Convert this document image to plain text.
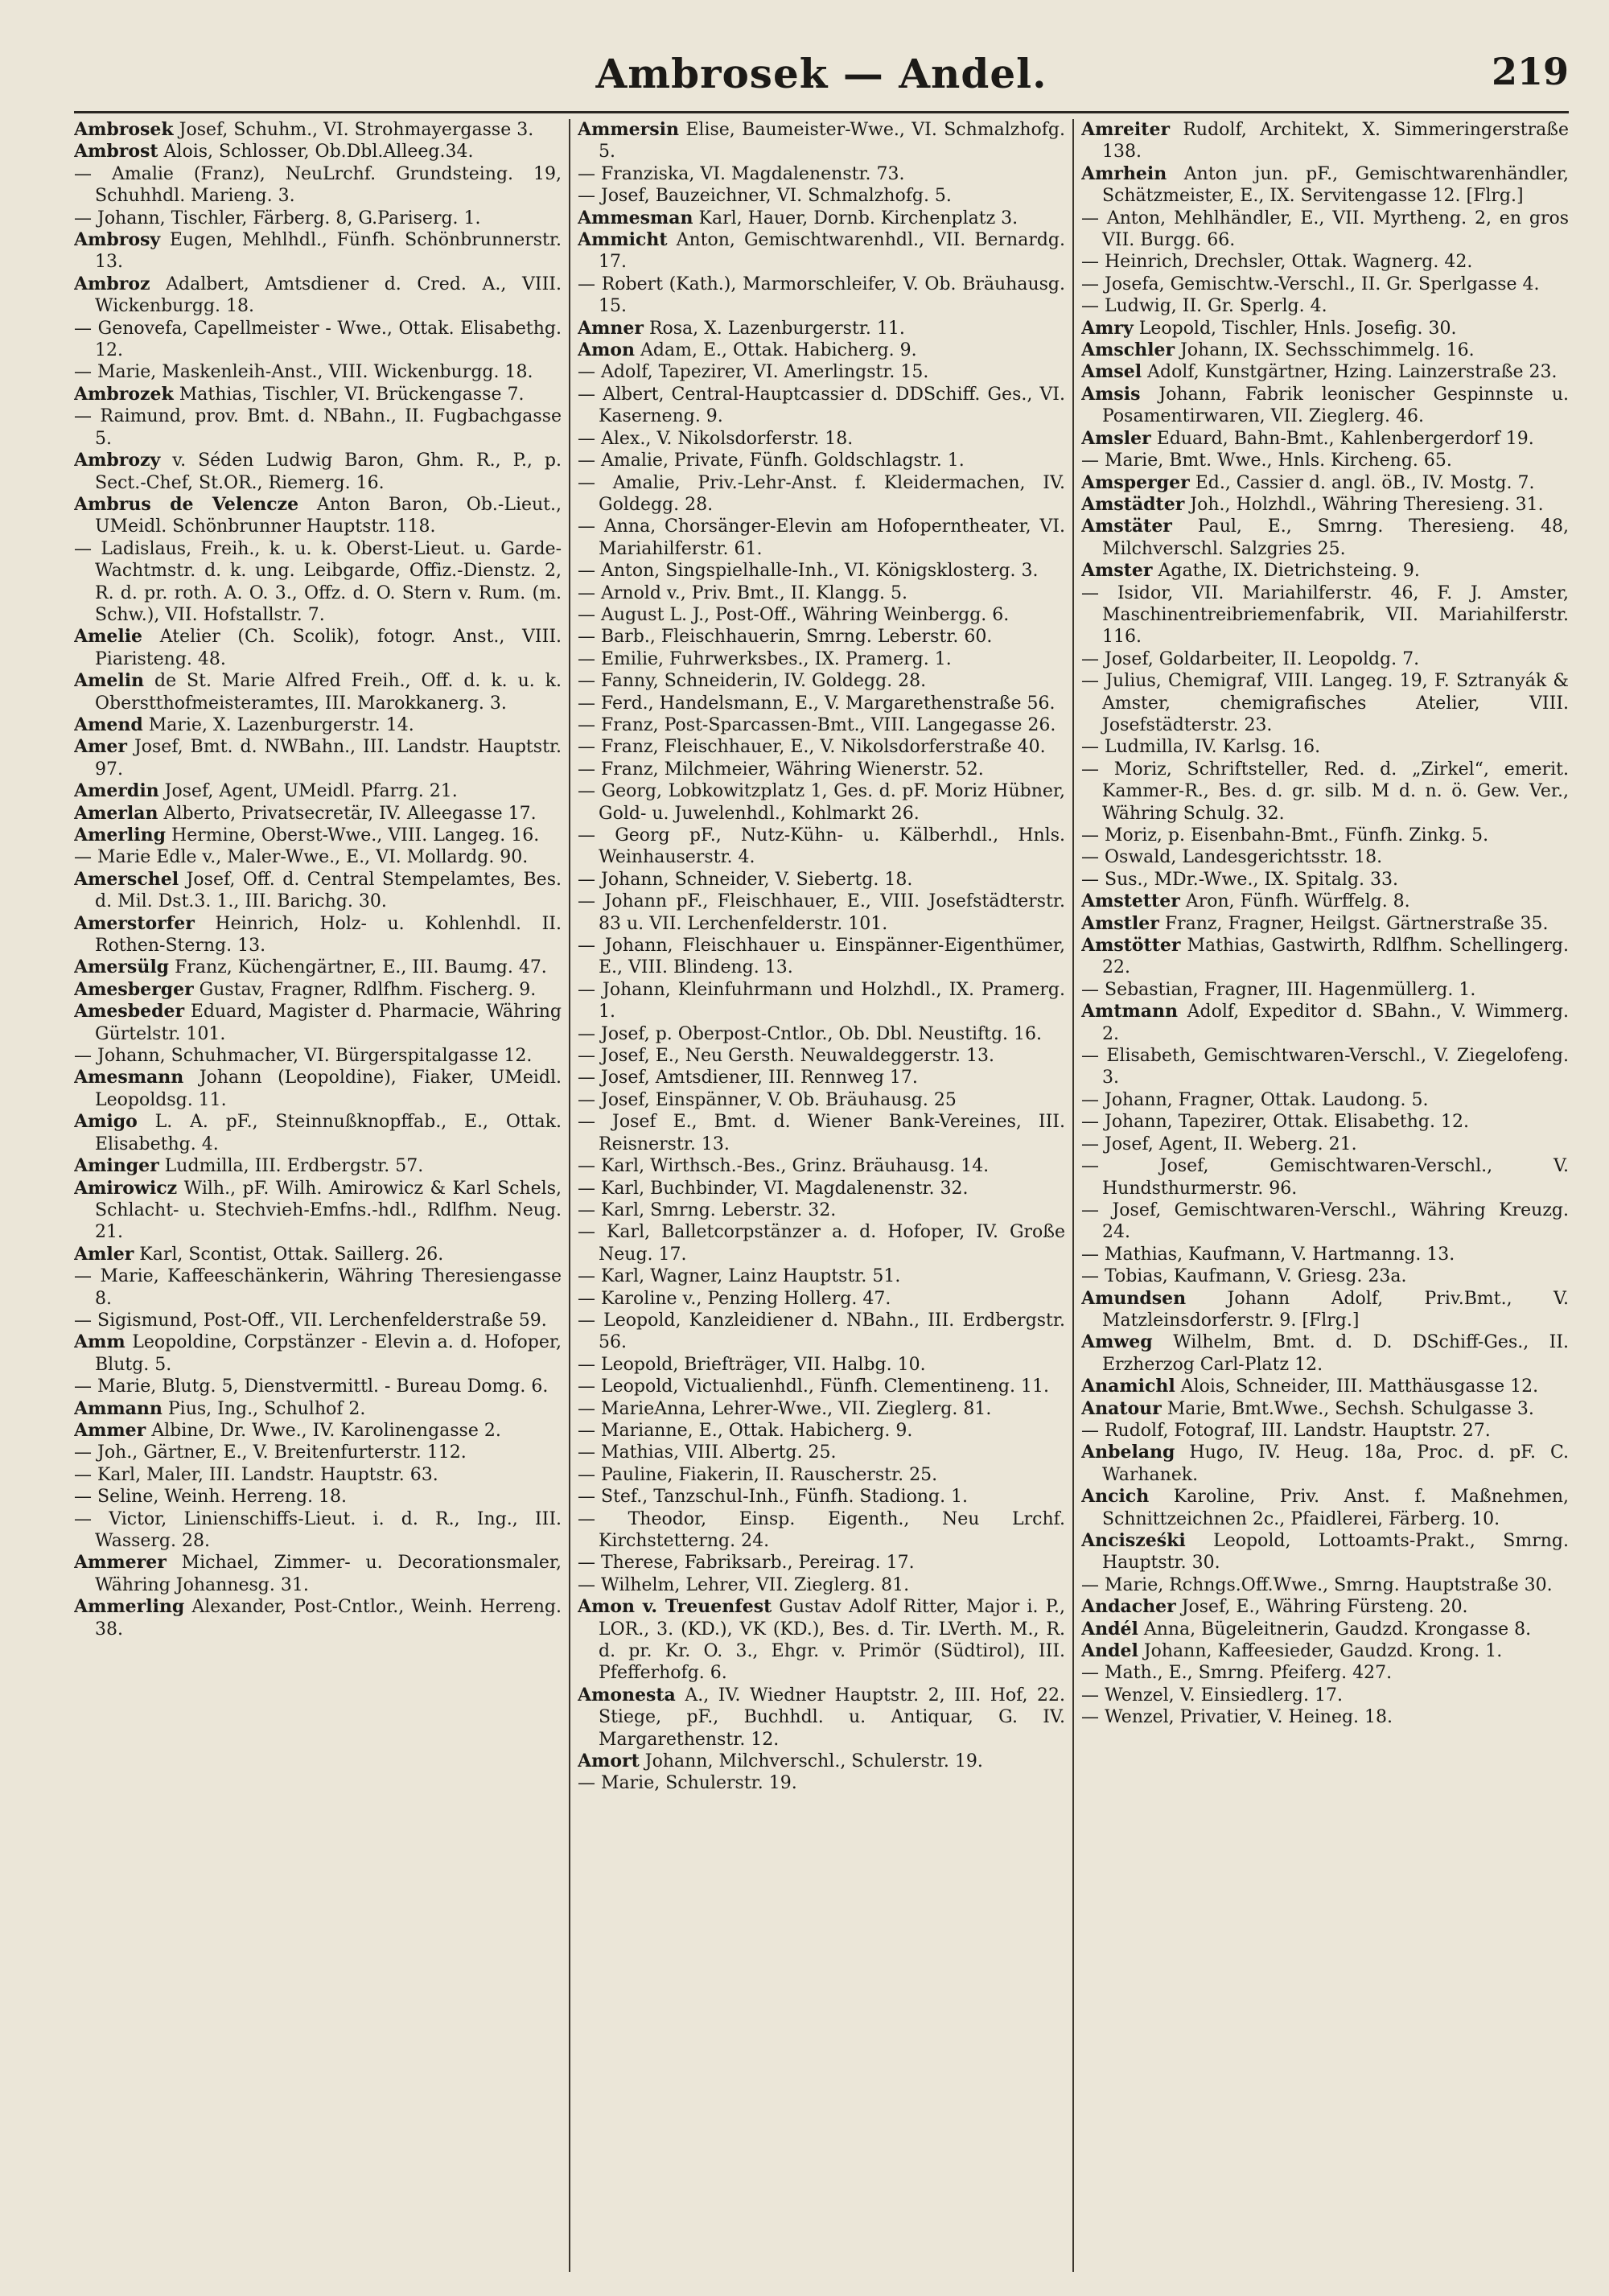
Ambrosek — Andel.	219

Ambrosek Josef, Schuhm., VI. Strohmayergasse 3.

Ambrost Alois, Schlosser, Ob.Dbl.Alleeg.34.

— Amalie (Franz), NeuLrchf. Grundsteing. 19, Schuhhdl. Marieng. 3.

— Johann, Tischler, Färberg. 8, G.Pariserg. 1.

Ambrosy Eugen, Mehlhdl., Fünfh. Schönbrunnerstr. 13.

Ambroz Adalbert, Amtsdiener d. Cred. A., VIII. Wickenburgg. 18.

— Genovefa, Capellmeister - Wwe., Ottak. Elisabethg. 12.

— Marie, Maskenleih-Anst., VIII. Wickenburgg. 18.

Ambrozek Mathias, Tischler, VI. Brückengasse 7.

— Raimund, prov. Bmt. d. NBahn., II. Fugbachgasse 5.

Ambrozy v. Séden Ludwig Baron, Ghm. R., P., p. Sect.-Chef, St.OR., Riemerg. 16.

Ambrus de Velencze Anton Baron, Ob.-Lieut., UMeidl. Schönbrunner Hauptstr. 118.

— Ladislaus, Freih., k. u. k. Oberst-Lieut. u. Garde-Wachtmstr. d. k. ung. Leibgarde, Offiz.-Dienstz. 2, R. d. pr. roth. A. O. 3., Offz. d. O. Stern v. Rum. (m. Schw.), VII. Hofstallstr. 7.

Amelie Atelier (Ch. Scolik), fotogr. Anst., VIII. Piaristeng. 48.

Amelin de St. Marie Alfred Freih., Off. d. k. u. k. Oberstthofmeisteramtes, III. Marokkanerg. 3.

Amend Marie, X. Lazenburgerstr. 14.

Amer Josef, Bmt. d. NWBahn., III. Landstr. Hauptstr. 97.

Amerdin Josef, Agent, UMeidl. Pfarrg. 21.

Amerlan Alberto, Privatsecretär, IV. Alleegasse 17.

Amerling Hermine, Oberst-Wwe., VIII. Langeg. 16.

— Marie Edle v., Maler-Wwe., E., VI. Mollardg. 90.

Amerschel Josef, Off. d. Central Stempelamtes, Bes. d. Mil. Dst.3. 1., III. Barichg. 30.

Amerstorfer Heinrich, Holz- u. Kohlenhdl. II. Rothen-Sterng. 13.

Amersülg Franz, Küchengärtner, E., III. Baumg. 47.

Amesberger Gustav, Fragner, Rdlfhm. Fischerg. 9.

Amesbeder Eduard, Magister d. Pharmacie, Währing Gürtelstr. 101.

— Johann, Schuhmacher, VI. Bürgerspitalgasse 12.

Amesmann Johann (Leopoldine), Fiaker, UMeidl. Leopoldsg. 11.

Amigo L. A. pF., Steinnußknopffab., E., Ottak. Elisabethg. 4.

Aminger Ludmilla, III. Erdbergstr. 57.

Amirowicz Wilh., pF. Wilh. Amirowicz & Karl Schels, Schlacht- u. Stechvieh-Emfns.-hdl., Rdlfhm. Neug. 21.

Amler Karl, Scontist, Ottak. Saillerg. 26.

— Marie, Kaffeeschänkerin, Währing Theresiengasse 8.

— Sigismund, Post-Off., VII. Lerchenfelderstraße 59.

Amm Leopoldine, Corpstänzer - Elevin a. d. Hofoper, Blutg. 5.

— Marie, Blutg. 5, Dienstvermittl. - Bureau Domg. 6.

Ammann Pius, Ing., Schulhof 2.

Ammer Albine, Dr. Wwe., IV. Karolinengasse 2.

— Joh., Gärtner, E., V. Breitenfurterstr. 112.

— Karl, Maler, III. Landstr. Hauptstr. 63.

— Seline, Weinh. Herreng. 18.

— Victor, Linienschiffs-Lieut. i. d. R., Ing., III. Wasserg. 28.

Ammerer Michael, Zimmer- u. Decorationsmaler, Währing Johannesg. 31.

Ammerling Alexander, Post-Cntlor., Weinh. Herreng. 38.

Ammersin Elise, Baumeister-Wwe., VI. Schmalzhofg. 5.

— Franziska, VI. Magdalenenstr. 73.

— Josef, Bauzeichner, VI. Schmalzhofg. 5.

Ammesman Karl, Hauer, Dornb. Kirchenplatz 3.

Ammicht Anton, Gemischtwarenhdl., VII. Bernardg. 17.

— Robert (Kath.), Marmorschleifer, V. Ob. Bräuhausg. 15.

Amner Rosa, X. Lazenburgerstr. 11.

Amon Adam, E., Ottak. Habicherg. 9.

— Adolf, Tapezirer, VI. Amerlingstr. 15.

— Albert, Central-Hauptcassier d. DDSchiff. Ges., VI. Kaserneng. 9.

— Alex., V. Nikolsdorferstr. 18.

— Amalie, Private, Fünfh. Goldschlagstr. 1.

— Amalie, Priv.-Lehr-Anst. f. Kleidermachen, IV. Goldegg. 28.

— Anna, Chorsänger-Elevin am Hofoperntheater, VI. Mariahilferstr. 61.

— Anton, Singspielhalle-Inh., VI. Königsklosterg. 3.

— Arnold v., Priv. Bmt., II. Klangg. 5.

— August L. J., Post-Off., Währing Weinbergg. 6.

— Barb., Fleischhauerin, Smrng. Leberstr. 60.

— Emilie, Fuhrwerksbes., IX. Pramerg. 1.

— Fanny, Schneiderin, IV. Goldegg. 28.

— Ferd., Handelsmann, E., V. Margarethenstraße 56.

— Franz, Post-Sparcassen-Bmt., VIII. Langegasse 26.

— Franz, Fleischhauer, E., V. Nikolsdorferstraße 40.

— Franz, Milchmeier, Währing Wienerstr. 52.

— Georg, Lobkowitzplatz 1, Ges. d. pF. Moriz Hübner, Gold- u. Juwelenhdl., Kohlmarkt 26.

— Georg pF., Nutz-Kühn- u. Kälberhdl., Hnls. Weinhauserstr. 4.

— Johann, Schneider, V. Siebertg. 18.

— Johann pF., Fleischhauer, E., VIII. Josefstädterstr. 83 u. VII. Lerchenfelderstr. 101.

— Johann, Fleischhauer u. Einspänner-Eigenthümer, E., VIII. Blindeng. 13.

— Johann, Kleinfuhrmann und Holzhdl., IX. Pramerg. 1.

— Josef, p. Oberpost-Cntlor., Ob. Dbl. Neustiftg. 16.

— Josef, E., Neu Gersth. Neuwaldeggerstr. 13.

— Josef, Amtsdiener, III. Rennweg 17.

— Josef, Einspänner, V. Ob. Bräuhausg. 25

— Josef E., Bmt. d. Wiener Bank-Vereines, III. Reisnerstr. 13.

— Karl, Wirthsch.-Bes., Grinz. Bräuhausg. 14.

— Karl, Buchbinder, VI. Magdalenenstr. 32.

— Karl, Smrng. Leberstr. 32.

— Karl, Balletcorpstänzer a. d. Hofoper, IV. Große Neug. 17.

— Karl, Wagner, Lainz Hauptstr. 51.

— Karoline v., Penzing Hollerg. 47.

— Leopold, Kanzleidiener d. NBahn., III. Erdbergstr. 56.

— Leopold, Briefträger, VII. Halbg. 10.

— Leopold, Victualienhdl., Fünfh. Clementineng. 11.

— MarieAnna, Lehrer-Wwe., VII. Zieglerg. 81.

— Marianne, E., Ottak. Habicherg. 9.

— Mathias, VIII. Albertg. 25.

— Pauline, Fiakerin, II. Rauscherstr. 25.

— Stef., Tanzschul-Inh., Fünfh. Stadiong. 1.

— Theodor, Einsp. Eigenth., Neu Lrchf. Kirchstetterng. 24.

— Therese, Fabriksarb., Pereirag. 17.

— Wilhelm, Lehrer, VII. Zieglerg. 81.

Amon v. Treuenfest Gustav Adolf Ritter, Major i. P., LOR., 3. (KD.), VK (KD.), Bes. d. Tir. LVerth. M., R. d. pr. Kr. O. 3., Ehgr. v. Primör (Südtirol), III. Pfefferhofg. 6.

Amonesta A., IV. Wiedner Hauptstr. 2, III. Hof, 22. Stiege, pF., Buchhdl. u. Antiquar, G. IV. Margarethenstr. 12.

Amort Johann, Milchverschl., Schulerstr. 19.

— Marie, Schulerstr. 19.

Amreiter Rudolf, Architekt, X. Simmeringerstraße 138.

Amrhein Anton jun. pF., Gemischtwarenhändler, Schätzmeister, E., IX. Servitengasse 12. [Flrg.]

— Anton, Mehlhändler, E., VII. Myrtheng. 2, en gros VII. Burgg. 66.

— Heinrich, Drechsler, Ottak. Wagnerg. 42.

— Josefa, Gemischtw.-Verschl., II. Gr. Sperlgasse 4.

— Ludwig, II. Gr. Sperlg. 4.

Amry Leopold, Tischler, Hnls. Josefig. 30.

Amschler Johann, IX. Sechsschimmelg. 16.

Amsel Adolf, Kunstgärtner, Hzing. Lainzerstraße 23.

Amsis Johann, Fabrik leonischer Gespinnste u. Posamentirwaren, VII. Zieglerg. 46.

Amsler Eduard, Bahn-Bmt., Kahlenbergerdorf 19.

— Marie, Bmt. Wwe., Hnls. Kircheng. 65.

Amsperger Ed., Cassier d. angl. öB., IV. Mostg. 7.

Amstädter Joh., Holzhdl., Währing Theresieng. 31.

Amstäter Paul, E., Smrng. Theresieng. 48, Milchverschl. Salzgries 25.

Amster Agathe, IX. Dietrichsteing. 9.

— Isidor, VII. Mariahilferstr. 46, F. J. Amster, Maschinentreibriemenfabrik, VII. Mariahilferstr. 116.

— Josef, Goldarbeiter, II. Leopoldg. 7.

— Julius, Chemigraf, VIII. Langeg. 19, F. Sztranyák & Amster, chemigrafisches Atelier, VIII. Josefstädterstr. 23.

— Ludmilla, IV. Karlsg. 16.

— Moriz, Schriftsteller, Red. d. „Zirkel“, emerit. Kammer-R., Bes. d. gr. silb. M d. n. ö. Gew. Ver., Währing Schulg. 32.

— Moriz, p. Eisenbahn-Bmt., Fünfh. Zinkg. 5.

— Oswald, Landesgerichtsstr. 18.

— Sus., MDr.-Wwe., IX. Spitalg. 33.

Amstetter Aron, Fünfh. Würffelg. 8.

Amstler Franz, Fragner, Heilgst. Gärtnerstraße 35.

Amstötter Mathias, Gastwirth, Rdlfhm. Schellingerg. 22.

— Sebastian, Fragner, III. Hagenmüllerg. 1.

Amtmann Adolf, Expeditor d. SBahn., V. Wimmerg. 2.

— Elisabeth, Gemischtwaren-Verschl., V. Ziegelofeng. 3.

— Johann, Fragner, Ottak. Laudong. 5.

— Johann, Tapezirer, Ottak. Elisabethg. 12.

— Josef, Agent, II. Weberg. 21.

— Josef, Gemischtwaren-Verschl., V. Hundsthurmerstr. 96.

— Josef, Gemischtwaren-Verschl., Währing Kreuzg. 24.

— Mathias, Kaufmann, V. Hartmanng. 13.

— Tobias, Kaufmann, V. Griesg. 23a.

Amundsen Johann Adolf, Priv.Bmt., V. Matzleinsdorferstr. 9. [Flrg.]

Amweg Wilhelm, Bmt. d. D. DSchiff-Ges., II. Erzherzog Carl-Platz 12.

Anamichl Alois, Schneider, III. Matthäusgasse 12.

Anatour Marie, Bmt.Wwe., Sechsh. Schulgasse 3.

— Rudolf, Fotograf, III. Landstr. Hauptstr. 27.

Anbelang Hugo, IV. Heug. 18a, Proc. d. pF. C. Warhanek.

Ancich Karoline, Priv. Anst. f. Maßnehmen, Schnittzeichnen 2c., Pfaidlerei, Färberg. 10.

Ancisześki Leopold, Lottoamts-Prakt., Smrng. Hauptstr. 30.

— Marie, Rchngs.Off.Wwe., Smrng. Hauptstraße 30.

Andacher Josef, E., Währing Fürsteng. 20.

Andél Anna, Bügeleitnerin, Gaudzd. Krongasse 8.

Andel Johann, Kaffeesieder, Gaudzd. Krong. 1.

— Math., E., Smrng. Pfeiferg. 427.

— Wenzel, V. Einsiedlerg. 17.

— Wenzel, Privatier, V. Heineg. 18.
